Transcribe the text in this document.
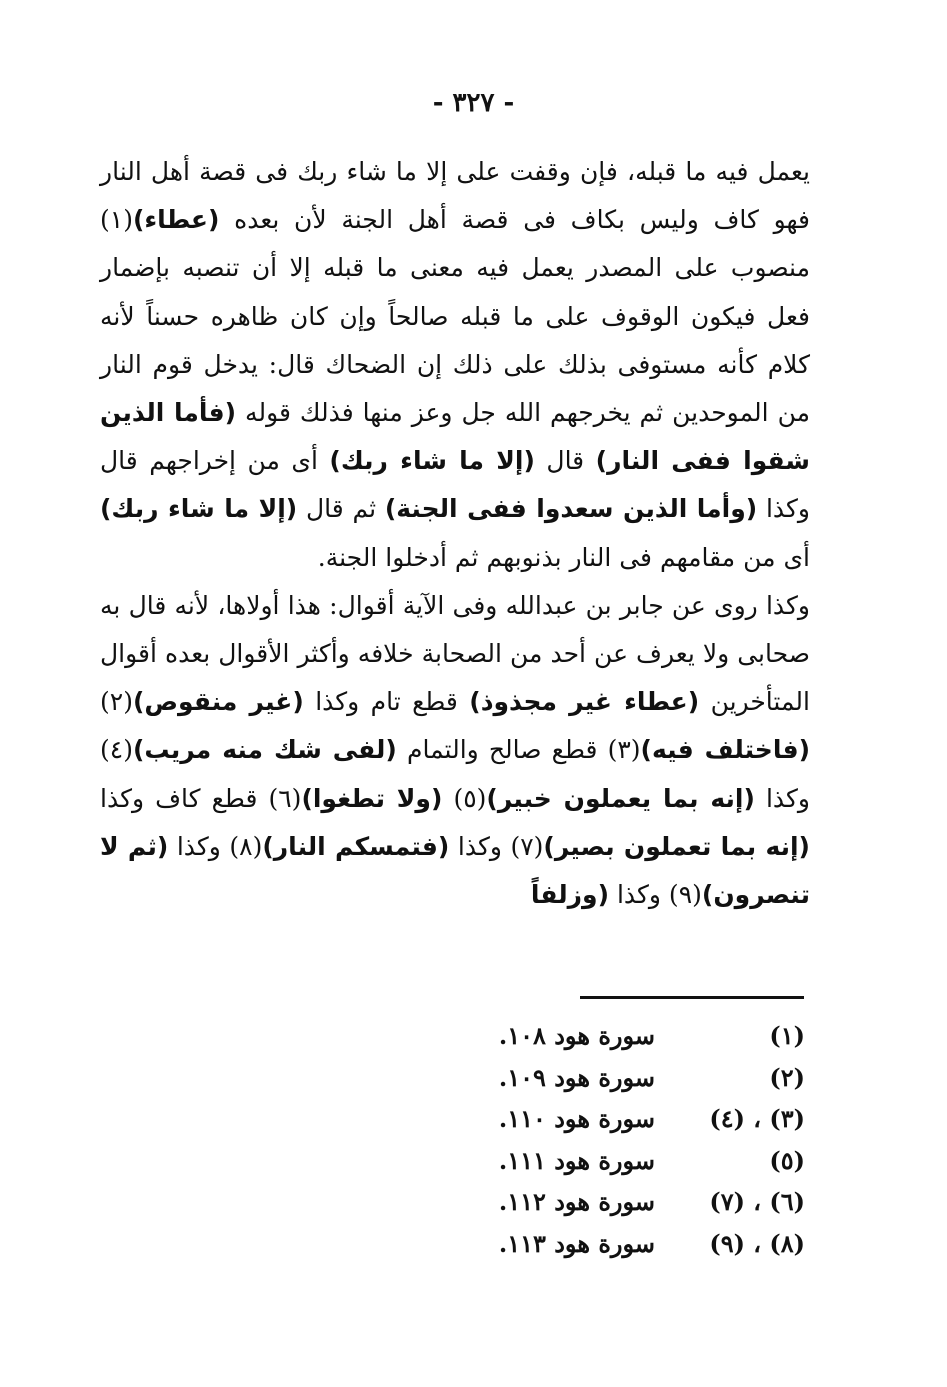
- ٣٢٧ -

يعمل فيه ما قبله، فإن وقفت على إلا ما شاء ربك فى قصة أهل النار فهو كاف وليس بكاف فى قصة أهل الجنة لأن بعده (عطاء)(١) منصوب على المصدر يعمل فيه معنى ما قبله إلا أن تنصبه بإضمار فعل فيكون الوقوف على ما قبله صالحاً وإن كان ظاهره حسناً لأنه كلام كأنه مستوفى بذلك على ذلك إن الضحاك قال: يدخل قوم النار من الموحدين ثم يخرجهم الله جل وعز منها فذلك قوله (فأما الذين شقوا ففى النار) قال (إلا ما شاء ربك) أى من إخراجهم قال وكذا (وأما الذين سعدوا ففى الجنة) ثم قال (إلا ما شاء ربك) أى من مقامهم فى النار بذنوبهم ثم أدخلوا الجنة.

وكذا روى عن جابر بن عبدالله وفى الآية أقوال: هذا أولاها، لأنه قال به صحابى ولا يعرف عن أحد من الصحابة خلافه وأكثر الأقوال بعده أقوال المتأخرين (عطاء غير مجذوذ) قطع تام وكذا (غير منقوص)(٢) (فاختلف فيه)(٣) قطع صالح والتمام (لفى شك منه مريب)(٤) وكذا (إنه بما يعملون خبير)(٥) (ولا تطغوا)(٦) قطع كاف وكذا (إنه بما تعملون بصير)(٧) وكذا (فتمسكم النار)(٨) وكذا (ثم لا تنصرون)(٩) وكذا (وزلفاً

(١)
سورة هود ١٠٨.
(٢)
سورة هود ١٠٩.
(٣) ، (٤)
سورة هود ١١٠.
(٥)
سورة هود ١١١.
(٦) ، (٧)
سورة هود ١١٢.
(٨) ، (٩)
سورة هود ١١٣.
